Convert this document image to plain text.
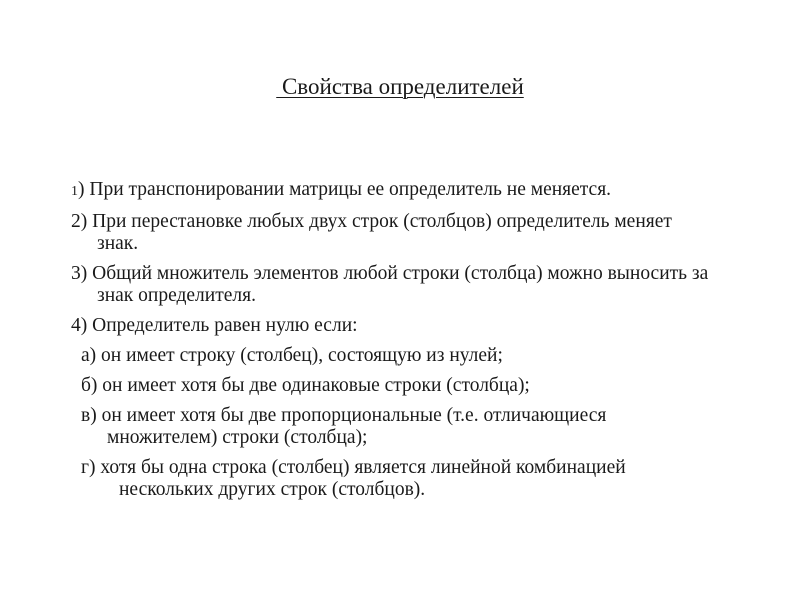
Свойства определителей
1) При транспонировании матрицы ее определитель не меняется.
2) При перестановке любых двух строк (столбцов) определитель меняет знак.
3) Общий множитель элементов любой строки (столбца) можно выносить за знак определителя.
4) Определитель равен нулю если:
а) он имеет строку (столбец), состоящую из нулей;
б) он имеет хотя бы две одинаковые строки (столбца);
в) он имеет хотя бы две пропорциональные (т.е. отличающиеся множителем) строки (столбца);
г) хотя бы одна строка (столбец) является линейной комбинацией нескольких других строк (столбцов).
